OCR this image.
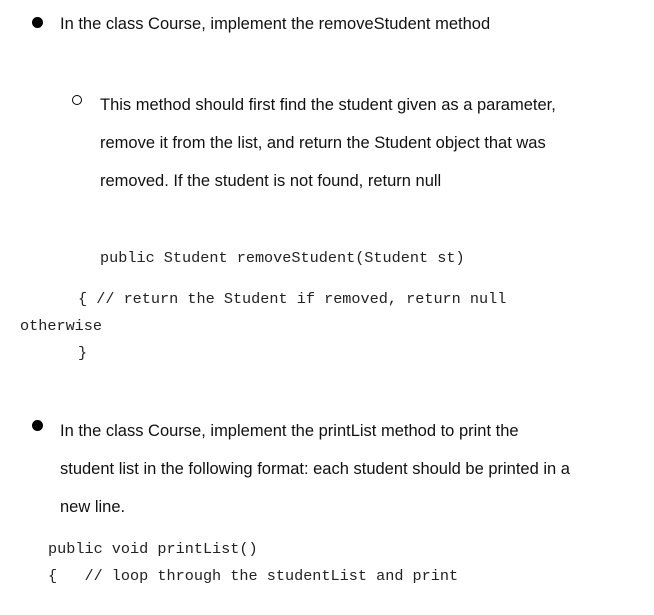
In the class Course, implement the removeStudent method
This method should first find the student given as a parameter,
remove it from the list, and return the Student object that was
removed. If the student is not found, return null
public Student removeStudent(Student st)
{ // return the Student if removed, return null
otherwise
}
In the class Course, implement the printList method to print the
student list in the following format: each student should be printed in a
new line.
public void printList()
{   // loop through the studentList and print
